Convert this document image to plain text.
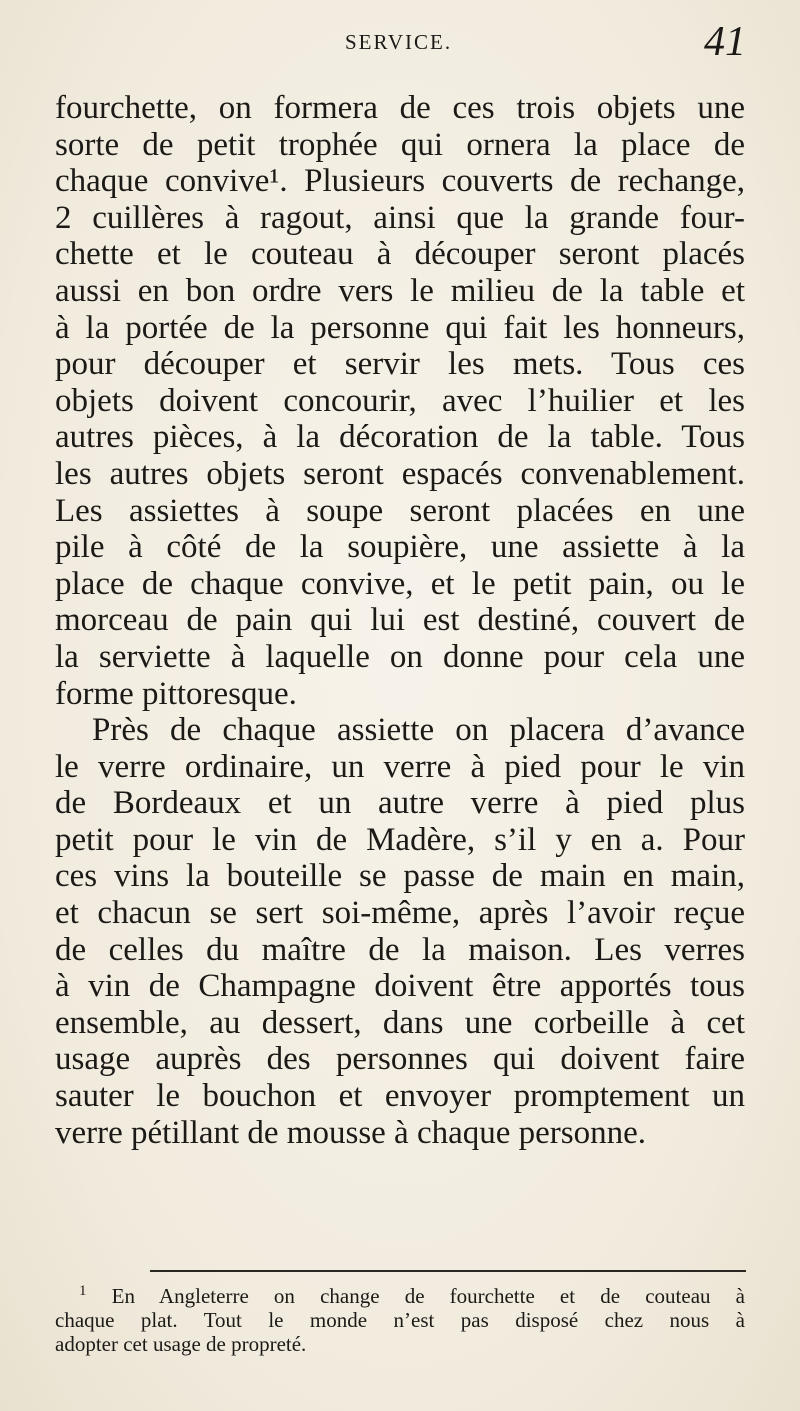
SERVICE.	41
fourchette, on formera de ces trois objets une
sorte de petit trophée qui ornera la place de
chaque convive¹. Plusieurs couverts de rechange,
2 cuillères à ragout, ainsi que la grande four-
chette et le couteau à découper seront placés
aussi en bon ordre vers le milieu de la table et
à la portée de la personne qui fait les honneurs,
pour découper et servir les mets. Tous ces
objets doivent concourir, avec l’huilier et les
autres pièces, à la décoration de la table. Tous
les autres objets seront espacés convenablement.
Les assiettes à soupe seront placées en une
pile à côté de la soupière, une assiette à la
place de chaque convive, et le petit pain, ou le
morceau de pain qui lui est destiné, couvert de
la serviette à laquelle on donne pour cela une
forme pittoresque.
Près de chaque assiette on placera d’avance
le verre ordinaire, un verre à pied pour le vin
de Bordeaux et un autre verre à pied plus
petit pour le vin de Madère, s’il y en a. Pour
ces vins la bouteille se passe de main en main,
et chacun se sert soi-même, après l’avoir reçue
de celles du maître de la maison. Les verres
à vin de Champagne doivent être apportés tous
ensemble, au dessert, dans une corbeille à cet
usage auprès des personnes qui doivent faire
sauter le bouchon et envoyer promptement un
verre pétillant de mousse à chaque personne.
$^1$ En Angleterre on change de fourchette et de couteau à
chaque plat. Tout le monde n’est pas disposé chez nous à
adopter cet usage de propreté.
